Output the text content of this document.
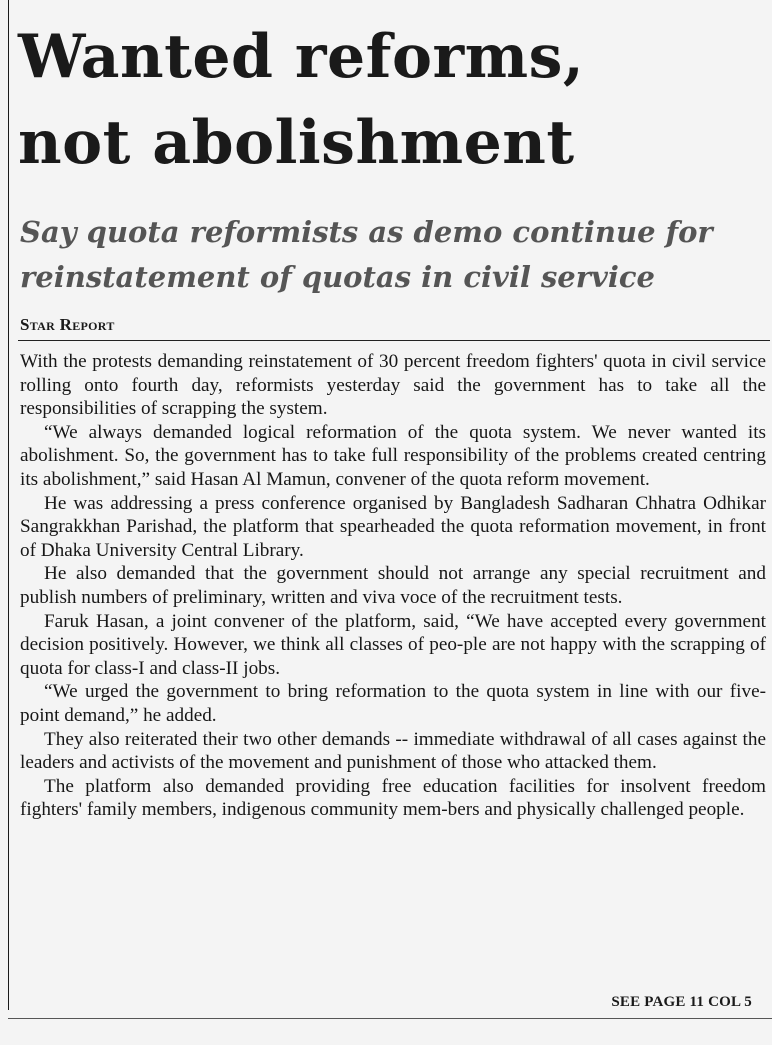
Wanted reforms,
not abolishment
Say quota reformists as demo continue for
reinstatement of quotas in civil service
Star Report

With the protests demanding reinstatement of 30 percent freedom fighters' quota in civil service rolling onto fourth day, reformists yesterday said the government has to take all the responsibilities of scrapping the system.

“We always demanded logical reformation of the quota system. We never wanted its abolishment. So, the government has to take full responsibility of the problems created centring its abolishment,” said Hasan Al Mamun, convener of the quota reform movement.

He was addressing a press conference organised by Bangladesh Sadharan Chhatra Odhikar Sangrakkhan Parishad, the platform that spearheaded the quota reformation movement, in front of Dhaka University Central Library.

He also demanded that the government should not arrange any special recruitment and publish numbers of preliminary, written and viva voce of the recruitment tests.

Faruk Hasan, a joint convener of the platform, said, “We have accepted every government decision positively. However, we think all classes of peo-ple are not happy with the scrapping of quota for class-I and class-II jobs.

“We urged the government to bring reformation to the quota system in line with our five-point demand,” he added.

They also reiterated their two other demands -- immediate withdrawal of all cases against the leaders and activists of the movement and punishment of those who attacked them.

The platform also demanded providing free education facilities for insolvent freedom fighters' family members, indigenous community mem-bers and physically challenged people.

SEE PAGE 11 COL 5
